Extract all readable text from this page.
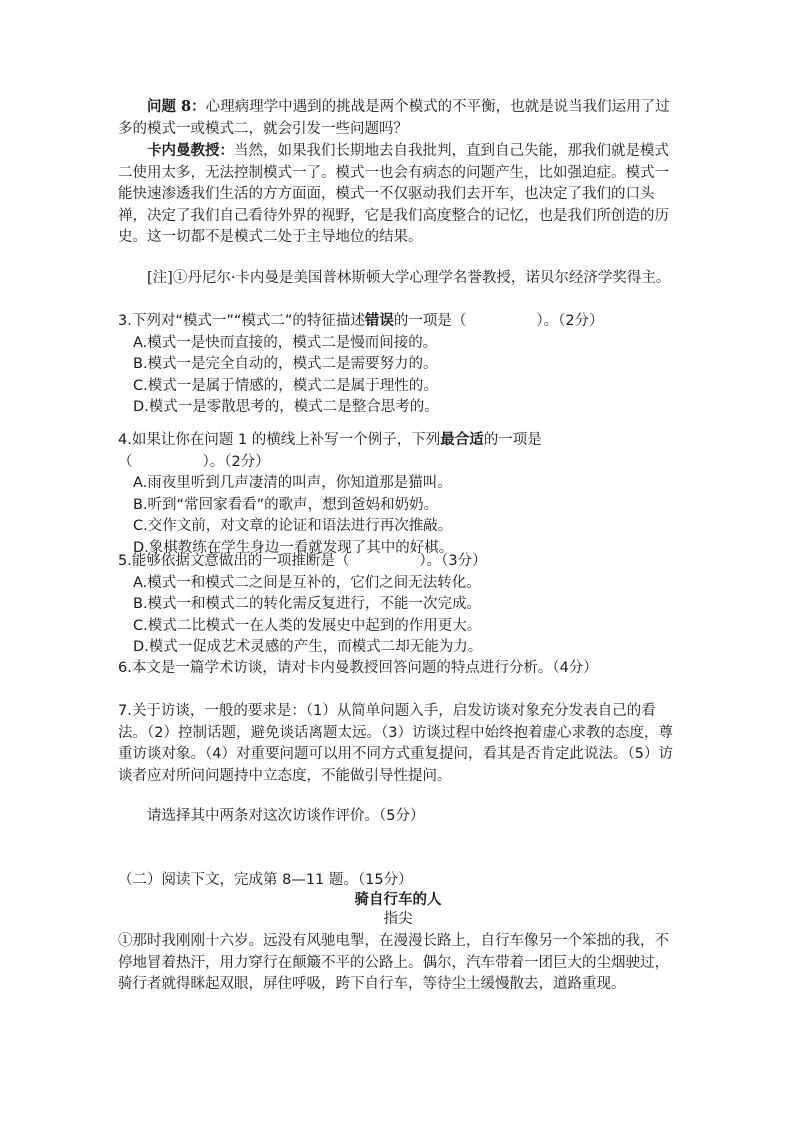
问题 8：心理病理学中遇到的挑战是两个模式的不平衡，也就是说当我们运用了过多的模式一或模式二，就会引发一些问题吗？

卡内曼教授：当然，如果我们长期地去自我批判，直到自己失能，那我们就是模式二使用太多，无法控制模式一了。模式一也会有病态的问题产生，比如强迫症。模式一能快速渗透我们生活的方方面面，模式一不仅驱动我们去开车，也决定了我们的口头禅，决定了我们自己看待外界的视野，它是我们高度整合的记忆，也是我们所创造的历史。这一切都不是模式二处于主导地位的结果。

[注]①丹尼尔·卡内曼是美国普林斯顿大学心理学名誉教授，诺贝尔经济学奖得主。

3.下列对“模式一”“模式二”的特征描述错误的一项是（	）。（2分）
A.模式一是快而直接的，模式二是慢而间接的。
B.模式一是完全自动的，模式二是需要努力的。
C.模式一是属于情感的，模式二是属于理性的。
D.模式一是零散思考的，模式二是整合思考的。
4.如果让你在问题 1 的横线上补写一个例子，下列最合适的一项是
（	）。（2分）
A.雨夜里听到几声凄清的叫声，你知道那是猫叫。
B.听到“常回家看看”的歌声，想到爸妈和奶奶。
C.交作文前，对文章的论证和语法进行再次推敲。
D.象棋教练在学生身边一看就发现了其中的好棋。
5.能够依据文意做出的一项推断是（	）。（3分）
A.模式一和模式二之间是互补的，它们之间无法转化。
B.模式一和模式二的转化需反复进行，不能一次完成。
C.模式二比模式一在人类的发展史中起到的作用更大。
D.模式一促成艺术灵感的产生，而模式二却无能为力。

6.本文是一篇学术访谈，请对卡内曼教授回答问题的特点进行分析。（4分）

7.关于访谈，一般的要求是：（1）从简单问题入手，启发访谈对象充分发表自己的看法。（2）控制话题，避免谈话离题太远。（3）访谈过程中始终抱着虚心求教的态度，尊重访谈对象。（4）对重要问题可以用不同方式重复提问，看其是否肯定此说法。（5）访谈者应对所问问题持中立态度，不能做引导性提问。

请选择其中两条对这次访谈作评价。（5分）

（二）阅读下文，完成第 8—11 题。（15分）

骑自行车的人

指尖

①那时我刚刚十六岁。远没有风驰电掣，在漫漫长路上，自行车像另一个笨拙的我，不停地冒着热汗，用力穿行在颠簸不平的公路上。偶尔，汽车带着一团巨大的尘烟驶过，骑行者就得眯起双眼，屏住呼吸，跨下自行车，等待尘土缓慢散去，道路重现。
